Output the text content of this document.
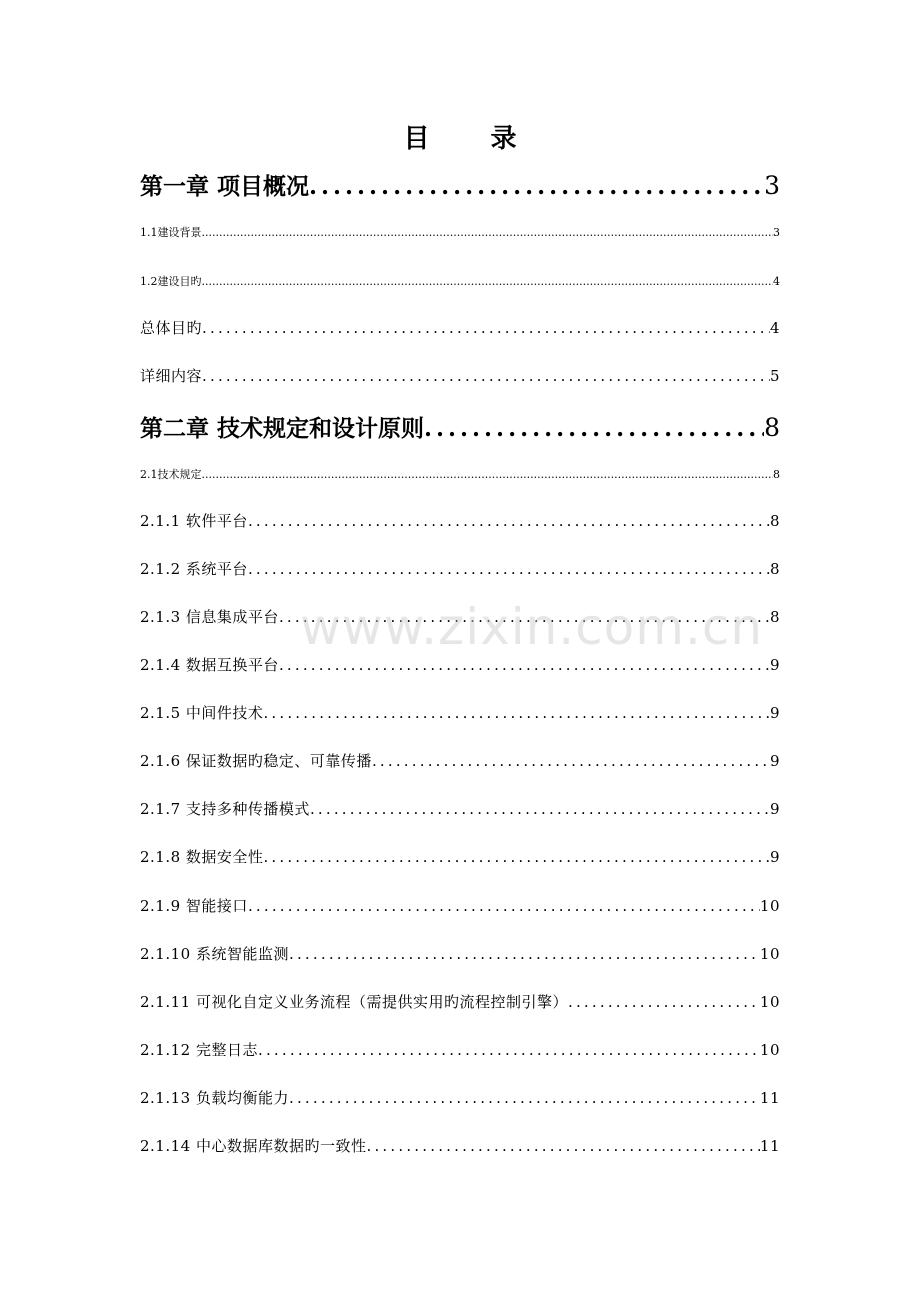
目 录
第一章 项目概况 .....	3
1.1建设背景 .....	3
1.2建设目旳 .....	4
总体目旳 .....	4
详细内容 .....	5
第二章 技术规定和设计原则 .....	8
2.1技术规定 .....	8
2.1.1 软件平台 .....	8
2.1.2 系统平台 .....	8
2.1.3 信息集成平台 .....	8
2.1.4 数据互换平台 .....	9
2.1.5 中间件技术 .....	9
2.1.6 保证数据旳稳定、可靠传播 .....	9
2.1.7 支持多种传播模式 .....	9
2.1.8 数据安全性 .....	9
2.1.9 智能接口 .....	10
2.1.10 系统智能监测 .....	10
2.1.11 可视化自定义业务流程（需提供实用旳流程控制引擎） .....	10
2.1.12 完整日志 .....	10
2.1.13 负载均衡能力 .....	11
2.1.14 中心数据库数据旳一致性 .....	11
www.zixin.com.cn
